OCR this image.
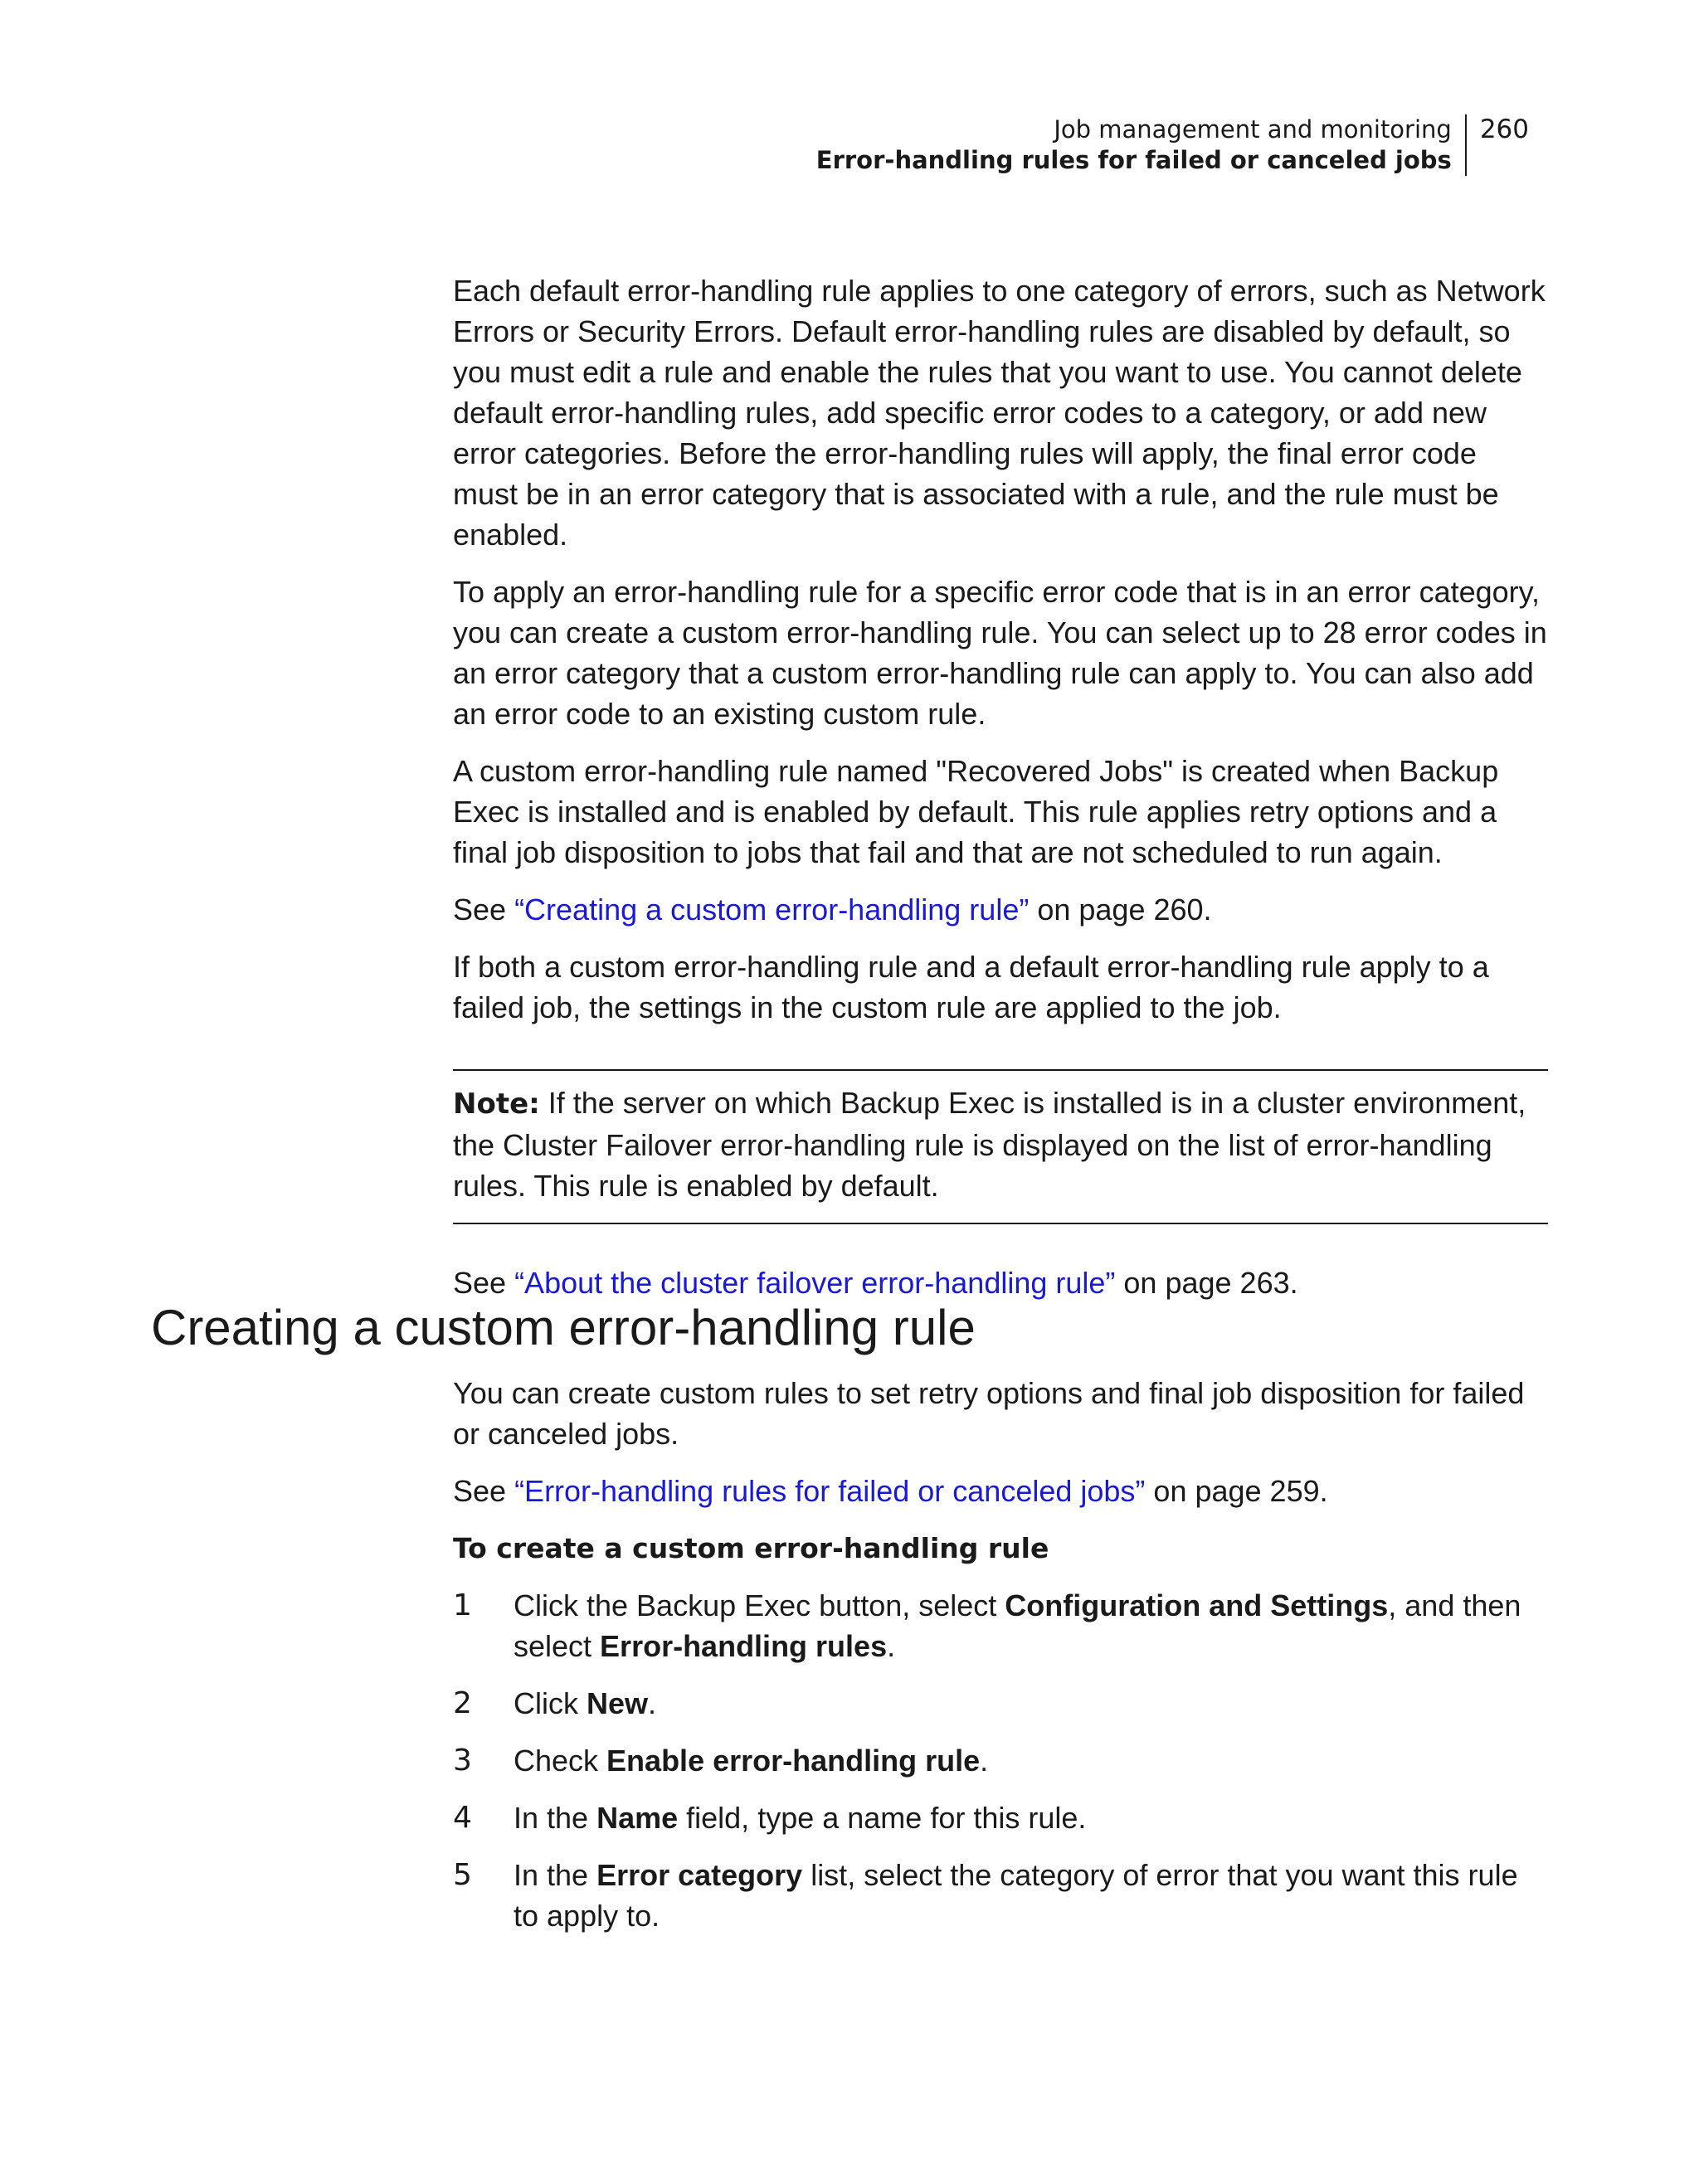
Job management and monitoring
Error-handling rules for failed or canceled jobs
260

Each default error-handling rule applies to one category of errors, such as Network Errors or Security Errors. Default error-handling rules are disabled by default, so you must edit a rule and enable the rules that you want to use. You cannot delete default error-handling rules, add specific error codes to a category, or add new error categories. Before the error-handling rules will apply, the final error code must be in an error category that is associated with a rule, and the rule must be enabled.

To apply an error-handling rule for a specific error code that is in an error category, you can create a custom error-handling rule. You can select up to 28 error codes in an error category that a custom error-handling rule can apply to. You can also add an error code to an existing custom rule.

A custom error-handling rule named "Recovered Jobs" is created when Backup Exec is installed and is enabled by default. This rule applies retry options and a final job disposition to jobs that fail and that are not scheduled to run again.

See “Creating a custom error-handling rule” on page 260.

If both a custom error-handling rule and a default error-handling rule apply to a failed job, the settings in the custom rule are applied to the job.

Note: If the server on which Backup Exec is installed is in a cluster environment, the Cluster Failover error-handling rule is displayed on the list of error-handling rules. This rule is enabled by default.

See “About the cluster failover error-handling rule” on page 263.

Creating a custom error-handling rule

You can create custom rules to set retry options and final job disposition for failed or canceled jobs.

See “Error-handling rules for failed or canceled jobs” on page 259.

To create a custom error-handling rule
1	Click the Backup Exec button, select Configuration and Settings, and then select Error-handling rules.
2	Click New.
3	Check Enable error-handling rule.
4	In the Name field, type a name for this rule.
5	In the Error category list, select the category of error that you want this rule to apply to.
